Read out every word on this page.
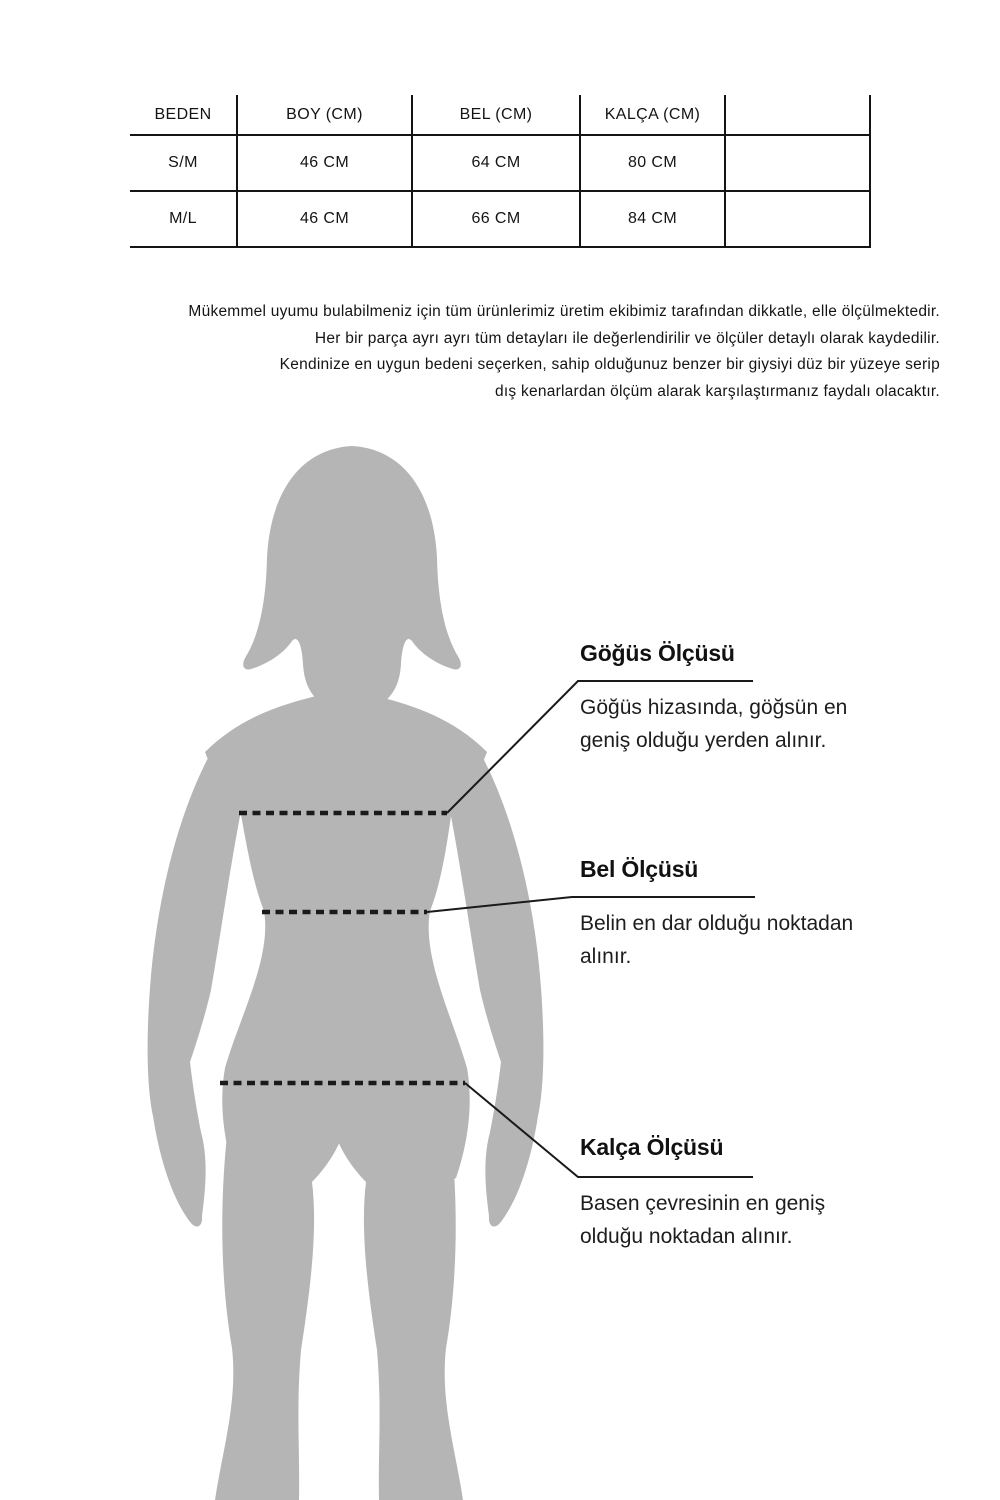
BEDEN	BOY (CM)	BEL (CM)	KALÇA (CM)	
S/M	46 CM	64 CM	80 CM	
M/L	46 CM	66 CM	84 CM	
Mükemmel uyumu bulabilmeniz için tüm ürünlerimiz üretim ekibimiz tarafından dikkatle, elle ölçülmektedir.
Her bir parça ayrı ayrı tüm detayları ile değerlendirilir ve ölçüler detaylı olarak kaydedilir.
Kendinize en uygun bedeni seçerken, sahip olduğunuz benzer bir giysiyi düz bir yüzeye serip
dış kenarlardan ölçüm alarak karşılaştırmanız faydalı olacaktır.
Göğüs Ölçüsü
Göğüs hizasında, göğsün en geniş olduğu yerden alınır.
Bel Ölçüsü
Belin en dar olduğu noktadan alınır.
Kalça Ölçüsü
Basen çevresinin en geniş olduğu noktadan alınır.
